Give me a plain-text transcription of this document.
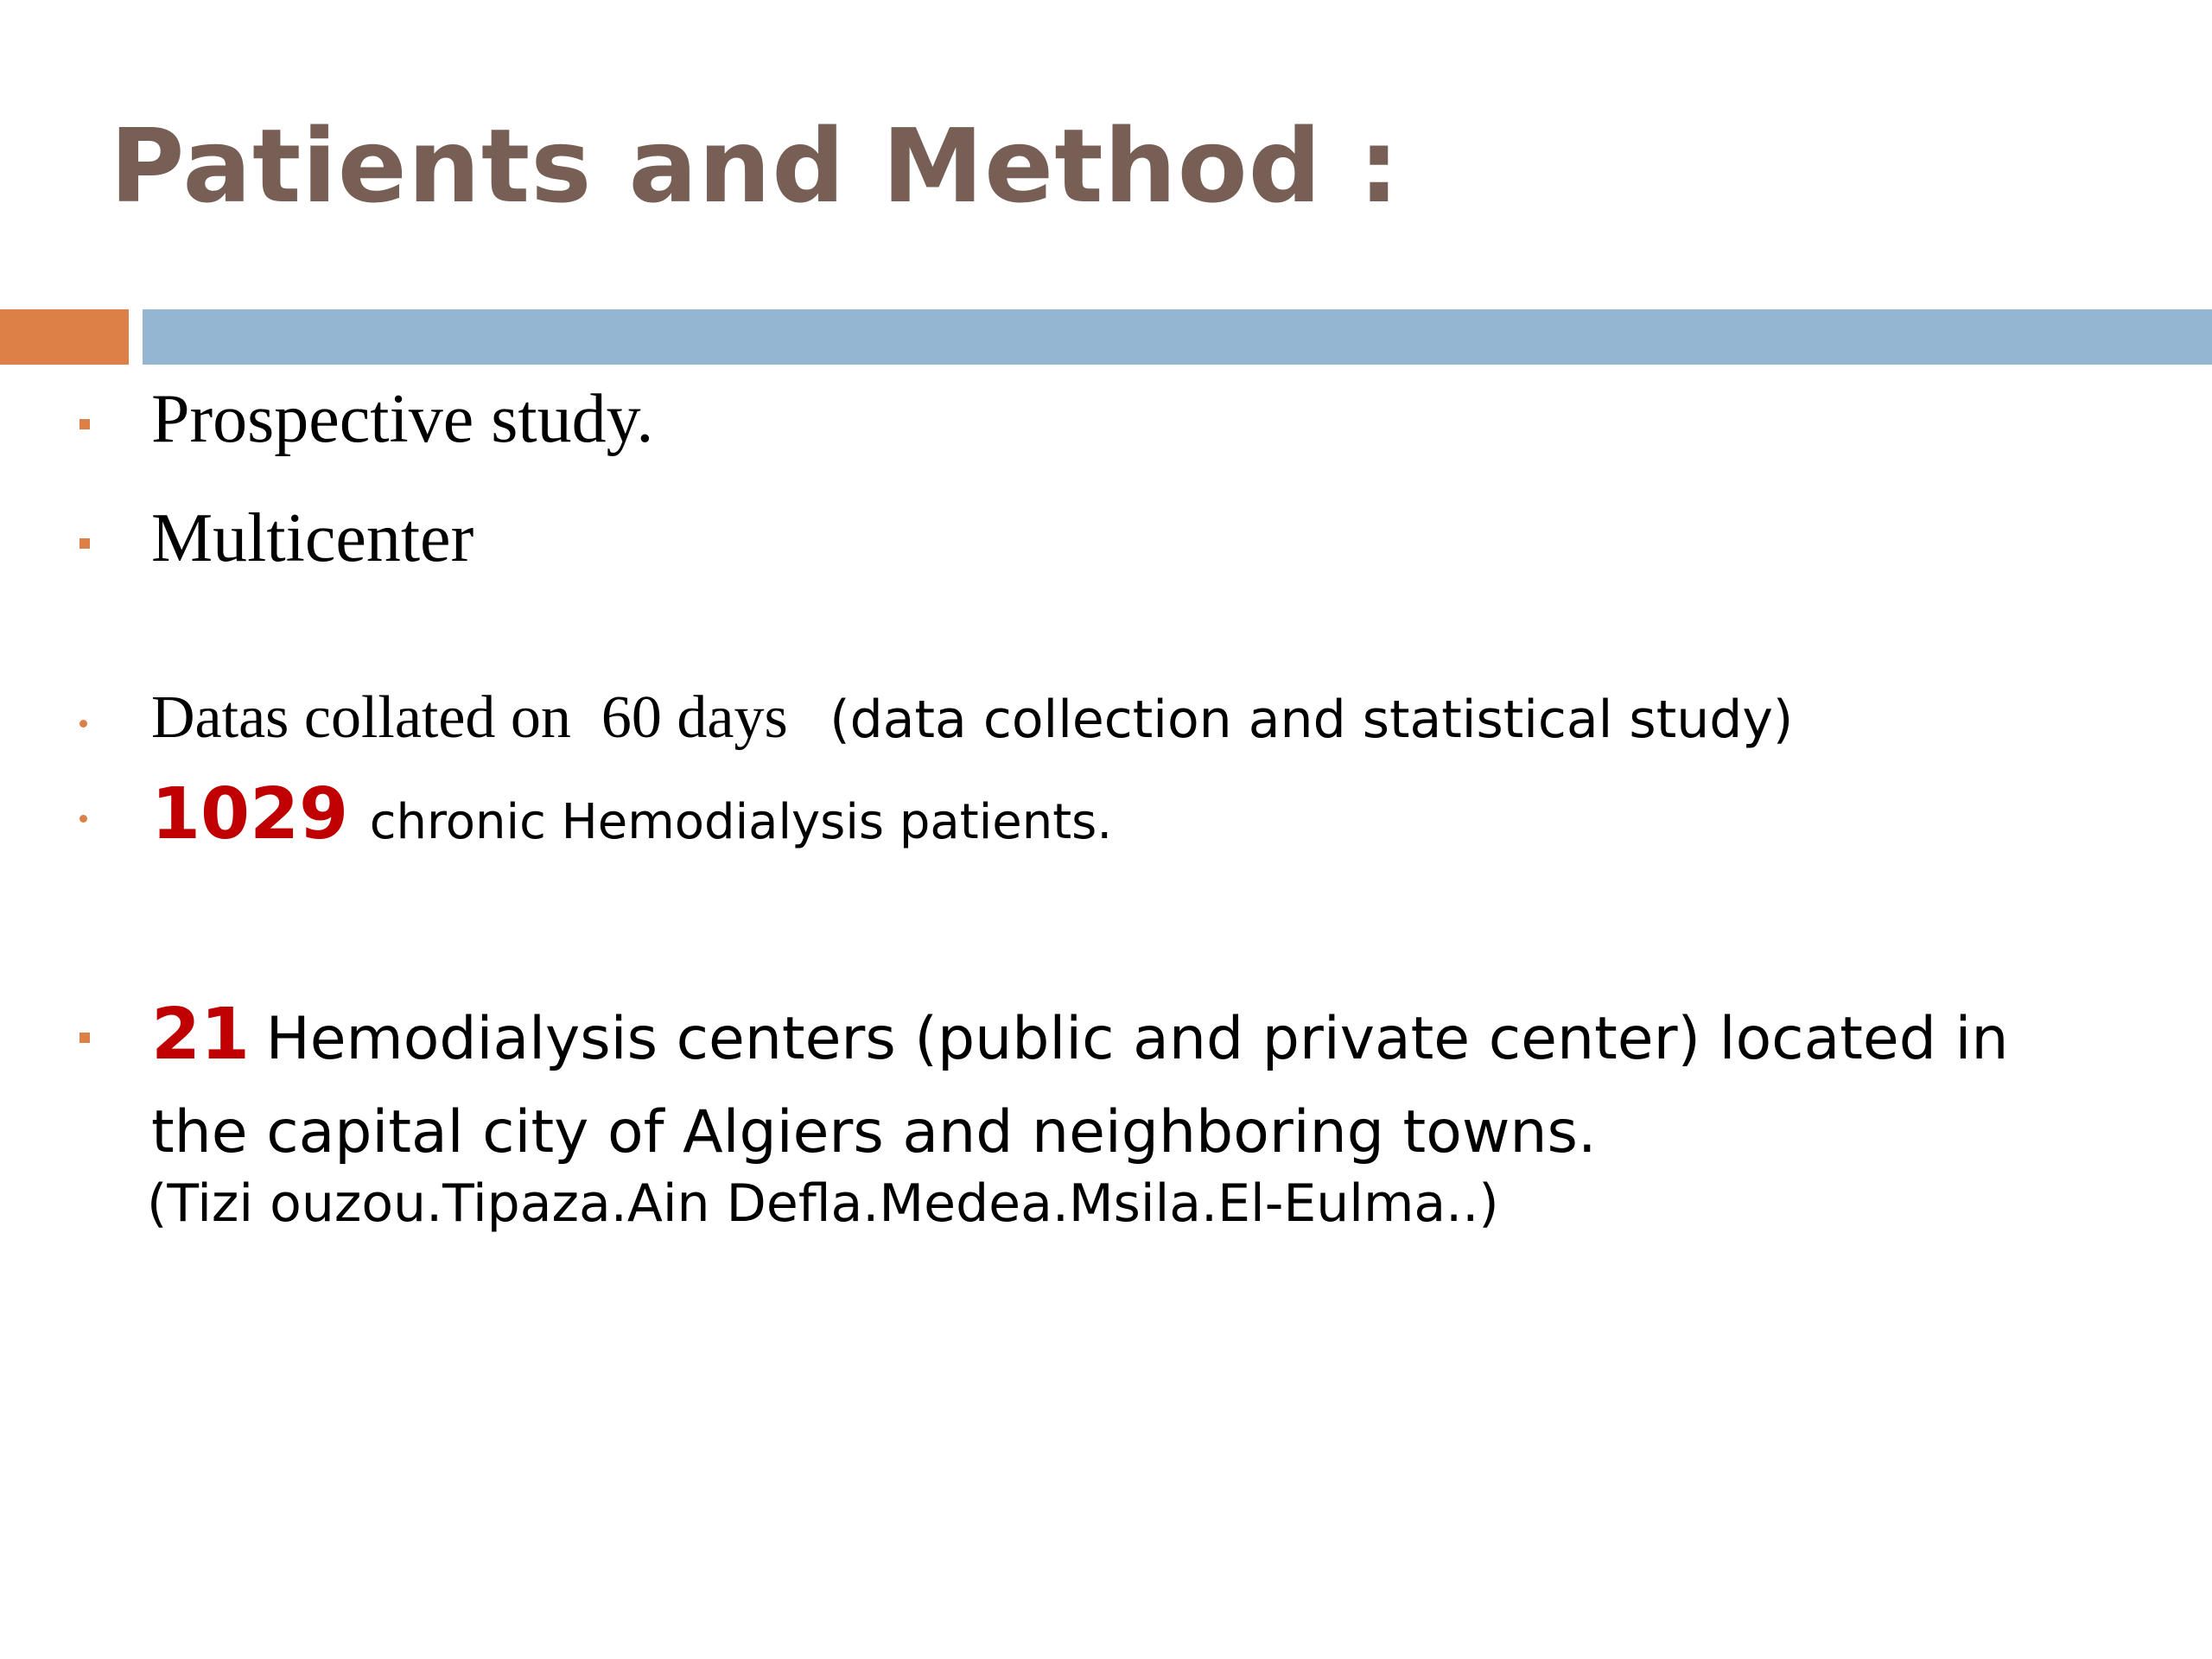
Patients and Method :
Prospective study.
Multicenter
Datas collated on  60 days (data collection and statistical study)
1029 chronic Hemodialysis patients.
21 Hemodialysis centers (public and private center) located in the capital city of Algiers and neighboring towns.
(Tizi ouzou.Tipaza.Ain Defla.Medea.Msila.El-Eulma..)
